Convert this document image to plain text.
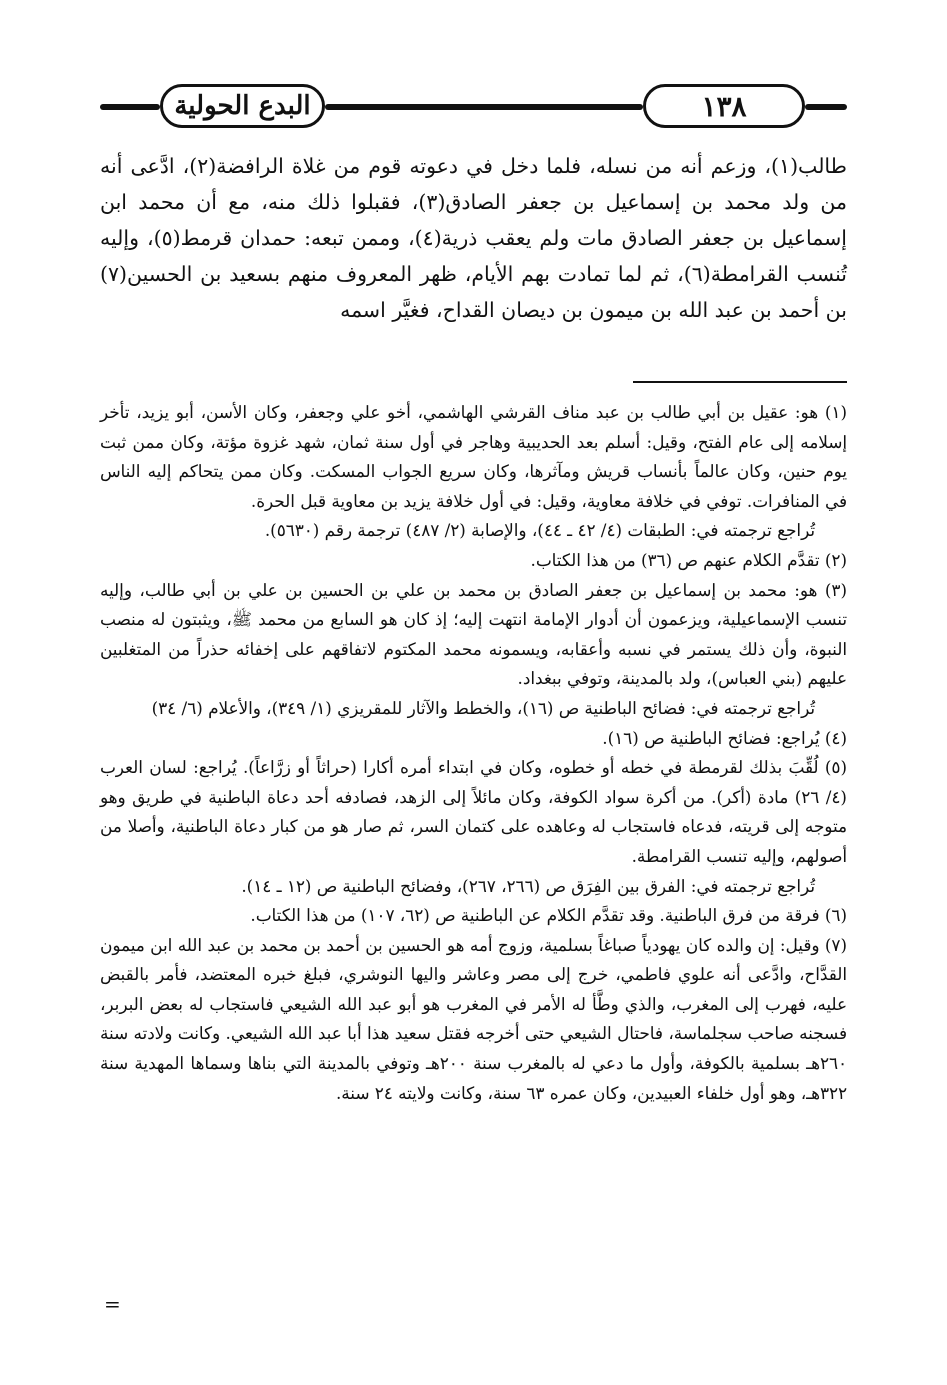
البدع الحولية	١٣٨

طالب(١)، وزعم أنه من نسله، فلما دخل في دعوته قوم من غلاة الرافضة(٢)، ادَّعى أنه من ولد محمد بن إسماعيل بن جعفر الصادق(٣)، فقبلوا ذلك منه، مع أن محمد ابن إسماعيل بن جعفر الصادق مات ولم يعقب ذرية(٤)، وممن تبعه: حمدان قرمط(٥)، وإليه تُنسب القرامطة(٦)، ثم لما تمادت بهم الأيام، ظهر المعروف منهم بسعيد بن الحسين(٧) بن أحمد بن عبد الله بن ميمون بن ديصان القداح، فغيَّر اسمه

(١) هو: عقيل بن أبي طالب بن عبد مناف القرشي الهاشمي، أخو علي وجعفر، وكان الأسن، أبو يزيد، تأخر إسلامه إلى عام الفتح، وقيل: أسلم بعد الحديبية وهاجر في أول سنة ثمان، شهد غزوة مؤتة، وكان ممن ثبت يوم حنين، وكان عالماً بأنساب قريش ومآثرها، وكان سريع الجواب المسكت. وكان ممن يتحاكم إليه الناس في المنافرات. توفي في خلافة معاوية، وقيل: في أول خلافة يزيد بن معاوية قبل الحرة.

تُراجع ترجمته في: الطبقات (٤/ ٤٢ ـ ٤٤)، والإصابة (٢/ ٤٨٧) ترجمة رقم (٥٦٣٠).

(٢) تقدَّم الكلام عنهم ص (٣٦) من هذا الكتاب.

(٣) هو: محمد بن إسماعيل بن جعفر الصادق بن محمد بن علي بن الحسين بن علي بن أبي طالب، وإليه تنسب الإسماعيلية، ويزعمون أن أدوار الإمامة انتهت إليه؛ إذ كان هو السابع من محمد ﷺ، ويثبتون له منصب النبوة، وأن ذلك يستمر في نسبه وأعقابه، ويسمونه محمد المكتوم لاتفاقهم على إخفائه حذراً من المتغلبين عليهم (بني العباس)، ولد بالمدينة، وتوفي ببغداد.

تُراجع ترجمته في: فضائح الباطنية ص (١٦)، والخطط والآثار للمقريزي (١/ ٣٤٩)، والأعلام (٦/ ٣٤)

(٤) يُراجع: فضائح الباطنية ص (١٦).

(٥) لُقِّبَ بذلك لقرمطة في خطه أو خطوه، وكان في ابتداء أمره أكارا (حراثاً أو زرَّاعاً). يُراجع: لسان العرب (٤/ ٢٦) مادة (أكر). من أكرة سواد الكوفة، وكان مائلاً إلى الزهد، فصادفه أحد دعاة الباطنية في طريق وهو متوجه إلى قريته، فدعاه فاستجاب له وعاهده على كتمان السر، ثم صار هو من كبار دعاة الباطنية، وأصلا من أصولهم، وإليه تنسب القرامطة.

تُراجع ترجمته في: الفرق بين الفِرَق ص (٢٦٦، ٢٦٧)، وفضائح الباطنية ص (١٢ ـ ١٤).

(٦) فرقة من فرق الباطنية. وقد تقدَّم الكلام عن الباطنية ص (٦٢، ١٠٧) من هذا الكتاب.

(٧) وقيل: إن والده كان يهودياً صباغاً بسلمية، وزوج أمه هو الحسين بن أحمد بن محمد بن عبد الله ابن ميمون القدَّاح، وادَّعى أنه علوي فاطمي، خرج إلى مصر وعاشر واليها النوشري، فبلغ خبره المعتضد، فأمر بالقبض عليه، فهرب إلى المغرب، والذي وطَّأ له الأمر في المغرب هو أبو عبد الله الشيعي فاستجاب له بعض البربر، فسجنه صاحب سجلماسة، فاحتال الشيعي حتى أخرجه فقتل سعيد هذا أبا عبد الله الشيعي. وكانت ولادته سنة ٢٦٠هـ بسلمية بالكوفة، وأول ما دعي له بالمغرب سنة ٢٠٠هـ وتوفي بالمدينة التي بناها وسماها المهدية سنة ٣٢٢هـ، وهو أول خلفاء العبيدين، وكان عمره ٦٣ سنة، وكانت ولايته ٢٤ سنة.

=
